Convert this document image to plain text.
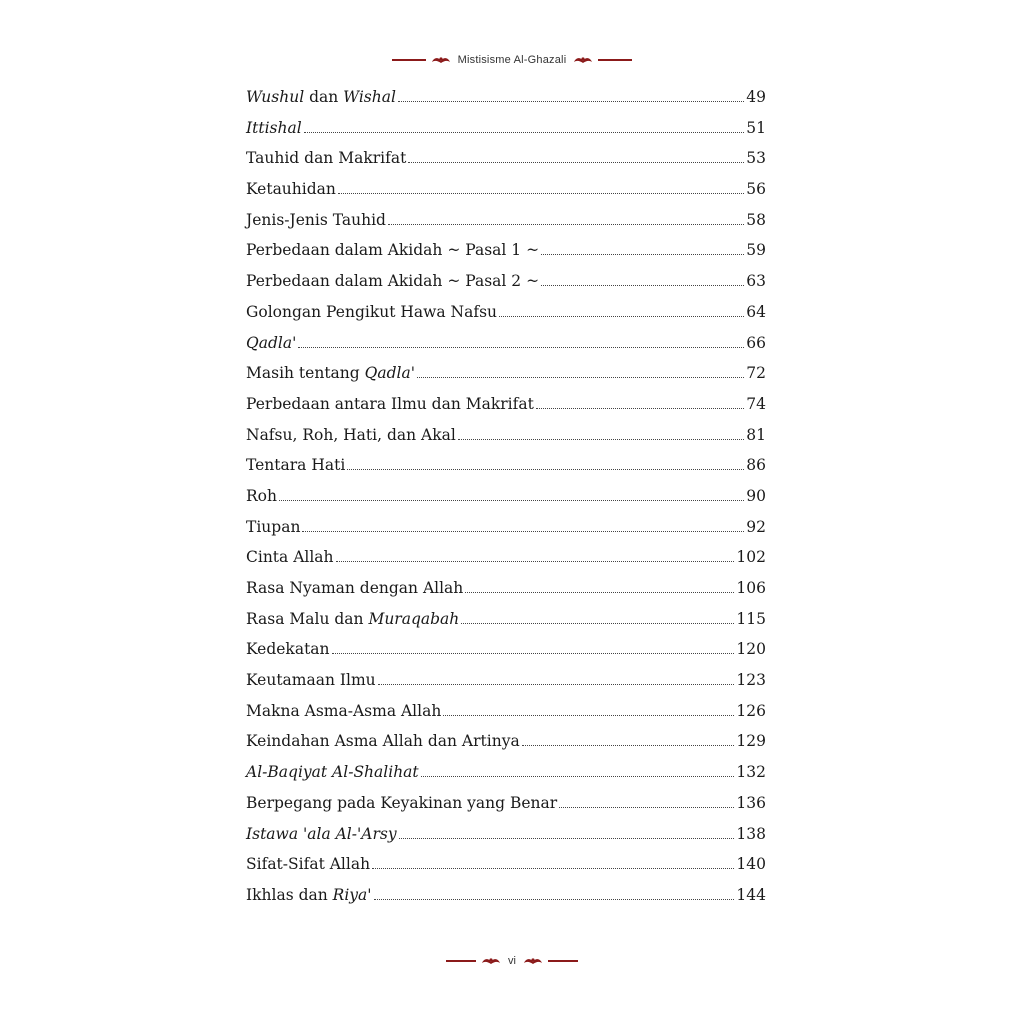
Mistisisme Al-Ghazali
Wushul dan Wishal	49
Ittishal	51
Tauhid dan Makrifat	53
Ketauhidan	56
Jenis-Jenis Tauhid	58
Perbedaan dalam Akidah ~ Pasal 1 ~	59
Perbedaan dalam Akidah ~ Pasal 2 ~	63
Golongan Pengikut Hawa Nafsu	64
Qadla'	66
Masih tentang Qadla'	72
Perbedaan antara Ilmu dan Makrifat	74
Nafsu, Roh, Hati, dan Akal	81
Tentara Hati	86
Roh	90
Tiupan	92
Cinta Allah	102
Rasa Nyaman dengan Allah	106
Rasa Malu dan Muraqabah	115
Kedekatan	120
Keutamaan Ilmu	123
Makna Asma-Asma Allah	126
Keindahan Asma Allah dan Artinya	129
Al-Baqiyat Al-Shalihat	132
Berpegang pada Keyakinan yang Benar	136
Istawa 'ala Al-'Arsy	138
Sifat-Sifat Allah	140
Ikhlas dan Riya'	144
vi
